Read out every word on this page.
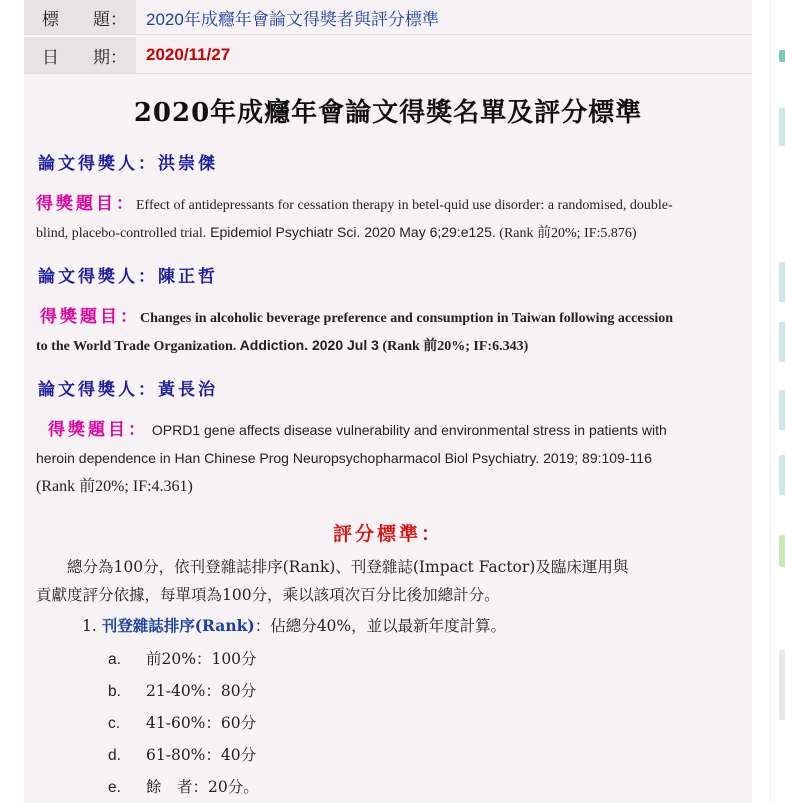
標　　題：	2020年成癮年會論文得獎者與評分標準
日　　期：	2020/11/27
2020年成癮年會論文得獎名單及評分標準
論文得獎人：洪崇傑
得獎題目：Effect of antidepressants for cessation therapy in betel-quid use disorder: a randomised, double-
blind, placebo-controlled trial. Epidemiol Psychiatr Sci. 2020 May 6;29:e125. (Rank 前20%; IF:5.876)
論文得獎人：陳正哲
得獎題目：Changes in alcoholic beverage preference and consumption in Taiwan following accession
to the World Trade Organization. Addiction. 2020 Jul 3 (Rank 前20%; IF:6.343)
論文得獎人：黃長治
得獎題目： OPRD1 gene affects disease vulnerability and environmental stress in patients with
heroin dependence in Han Chinese Prog Neuropsychopharmacol Biol Psychiatry. 2019; 89:109-116
(Rank 前20%; IF:4.361)
評分標準：
　　總分為100分，依刊登雜誌排序(Rank)、刊登雜誌(Impact Factor)及臨床運用與
貢獻度評分依據，每單項為100分，乘以該項次百分比後加總計分。
1. 刊登雜誌排序(Rank)：佔總分40%，並以最新年度計算。
a. 前20%：100分
b. 21-40%：80分
c. 41-60%：60分
d. 61-80%：40分
e. 餘　者：20分。
